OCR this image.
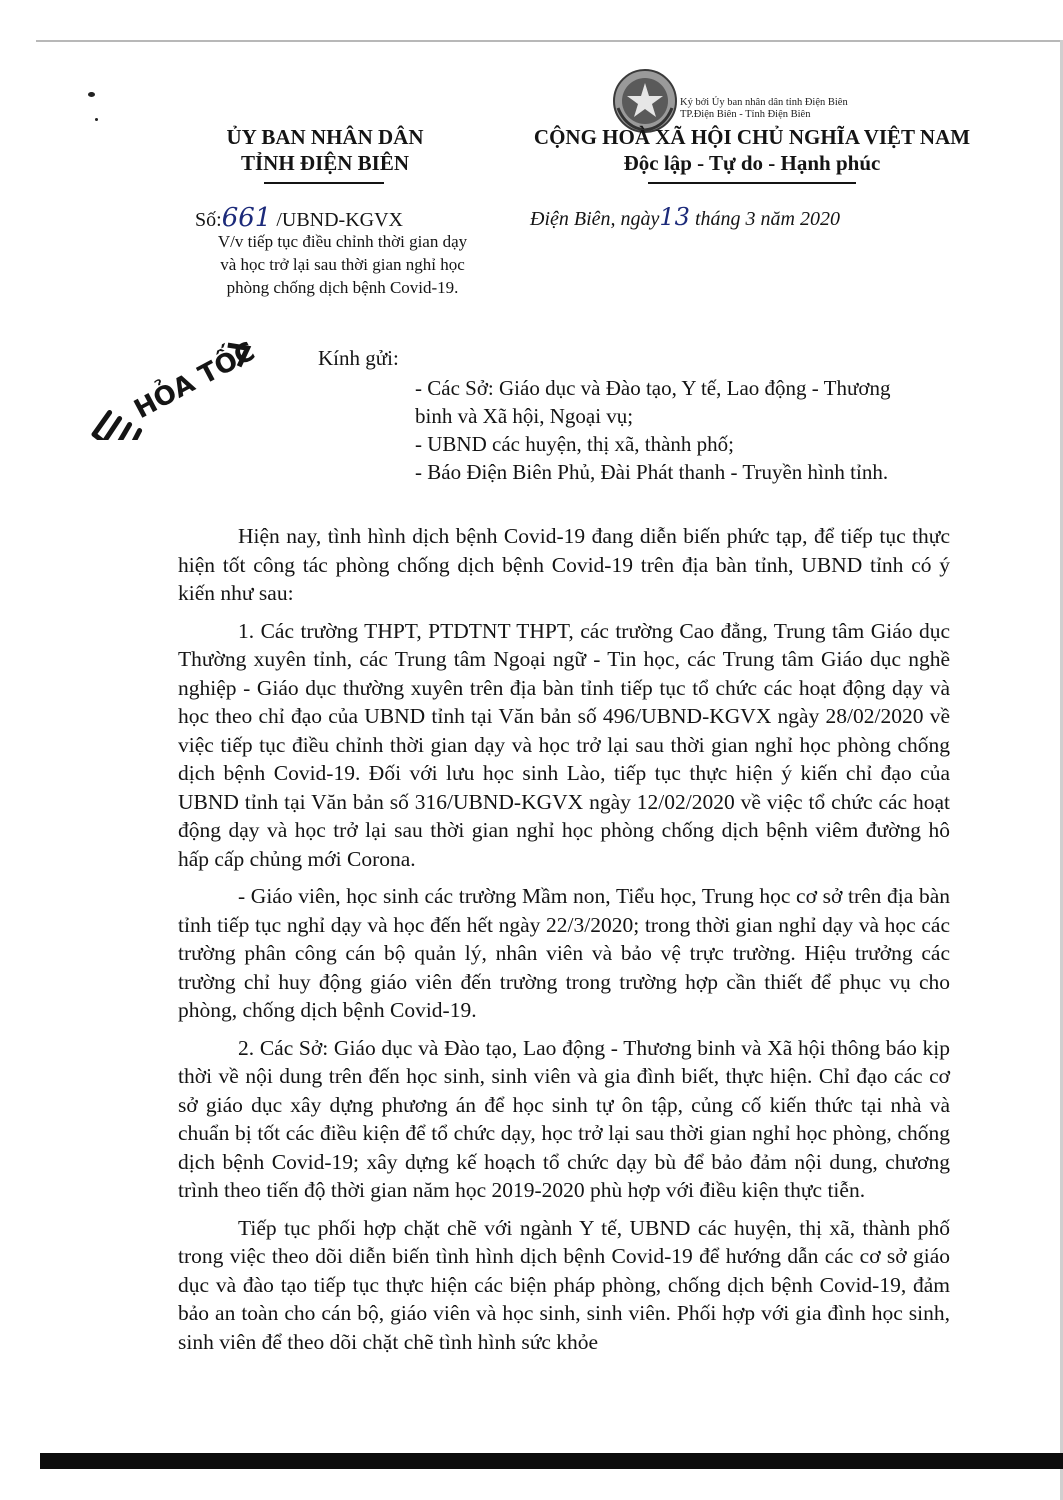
ỦY BAN NHÂN DÂN
TỈNH ĐIỆN BIÊN
CỘNG HOÀ XÃ HỘI CHỦ NGHĨA VIỆT NAM
Độc lập - Tự do - Hạnh phúc
Ký bởi Ủy ban nhân dân tỉnh Điện Biên
TP.Điện Biên - Tỉnh Điện Biên
Số:661 /UBND-KGVX
V/v tiếp tục điều chỉnh thời gian dạy
và học trở lại sau thời gian nghỉ học
phòng chống dịch bệnh Covid-19.
Điện Biên, ngày13 tháng 3 năm 2020
HỎA TỐC	Kính gửi:
- Các Sở: Giáo dục và Đào tạo, Y tế, Lao động - Thương
binh và Xã hội, Ngoại vụ;
- UBND các huyện, thị xã, thành phố;
- Báo Điện Biên Phủ, Đài Phát thanh - Truyền hình tỉnh.

Hiện nay, tình hình dịch bệnh Covid-19 đang diễn biến phức tạp, để tiếp tục thực hiện tốt công tác phòng chống dịch bệnh Covid-19 trên địa bàn tỉnh, UBND tỉnh có ý kiến như sau:

1. Các trường THPT, PTDTNT THPT, các trường Cao đẳng, Trung tâm Giáo dục Thường xuyên tỉnh, các Trung tâm Ngoại ngữ - Tin học, các Trung tâm Giáo dục nghề nghiệp - Giáo dục thường xuyên trên địa bàn tỉnh tiếp tục tổ chức các hoạt động dạy và học theo chỉ đạo của UBND tỉnh tại Văn bản số 496/UBND-KGVX ngày 28/02/2020 về việc tiếp tục điều chỉnh thời gian dạy và học trở lại sau thời gian nghỉ học phòng chống dịch bệnh Covid-19. Đối với lưu học sinh Lào, tiếp tục thực hiện ý kiến chỉ đạo của UBND tỉnh tại Văn bản số 316/UBND-KGVX ngày 12/02/2020 về việc tổ chức các hoạt động dạy và học trở lại sau thời gian nghỉ học phòng chống dịch bệnh viêm đường hô hấp cấp chủng mới Corona.

- Giáo viên, học sinh các trường Mầm non, Tiểu học, Trung học cơ sở trên địa bàn tỉnh tiếp tục nghỉ dạy và học đến hết ngày 22/3/2020; trong thời gian nghỉ dạy và học các trường phân công cán bộ quản lý, nhân viên và bảo vệ trực trường. Hiệu trưởng các trường chỉ huy động giáo viên đến trường trong trường hợp cần thiết để phục vụ cho phòng, chống dịch bệnh Covid-19.

2. Các Sở: Giáo dục và Đào tạo, Lao động - Thương binh và Xã hội thông báo kịp thời về nội dung trên đến học sinh, sinh viên và gia đình biết, thực hiện. Chỉ đạo các cơ sở giáo dục xây dựng phương án để học sinh tự ôn tập, củng cố kiến thức tại nhà và chuẩn bị tốt các điều kiện để tổ chức dạy, học trở lại sau thời gian nghỉ học phòng, chống dịch bệnh Covid-19; xây dựng kế hoạch tổ chức dạy bù để bảo đảm nội dung, chương trình theo tiến độ thời gian năm học 2019-2020 phù hợp với điều kiện thực tiễn.

Tiếp tục phối hợp chặt chẽ với ngành Y tế, UBND các huyện, thị xã, thành phố trong việc theo dõi diễn biến tình hình dịch bệnh Covid-19 để hướng dẫn các cơ sở giáo dục và đào tạo tiếp tục thực hiện các biện pháp phòng, chống dịch bệnh Covid-19, đảm bảo an toàn cho cán bộ, giáo viên và học sinh, sinh viên. Phối hợp với gia đình học sinh, sinh viên để theo dõi chặt chẽ tình hình sức khỏe
